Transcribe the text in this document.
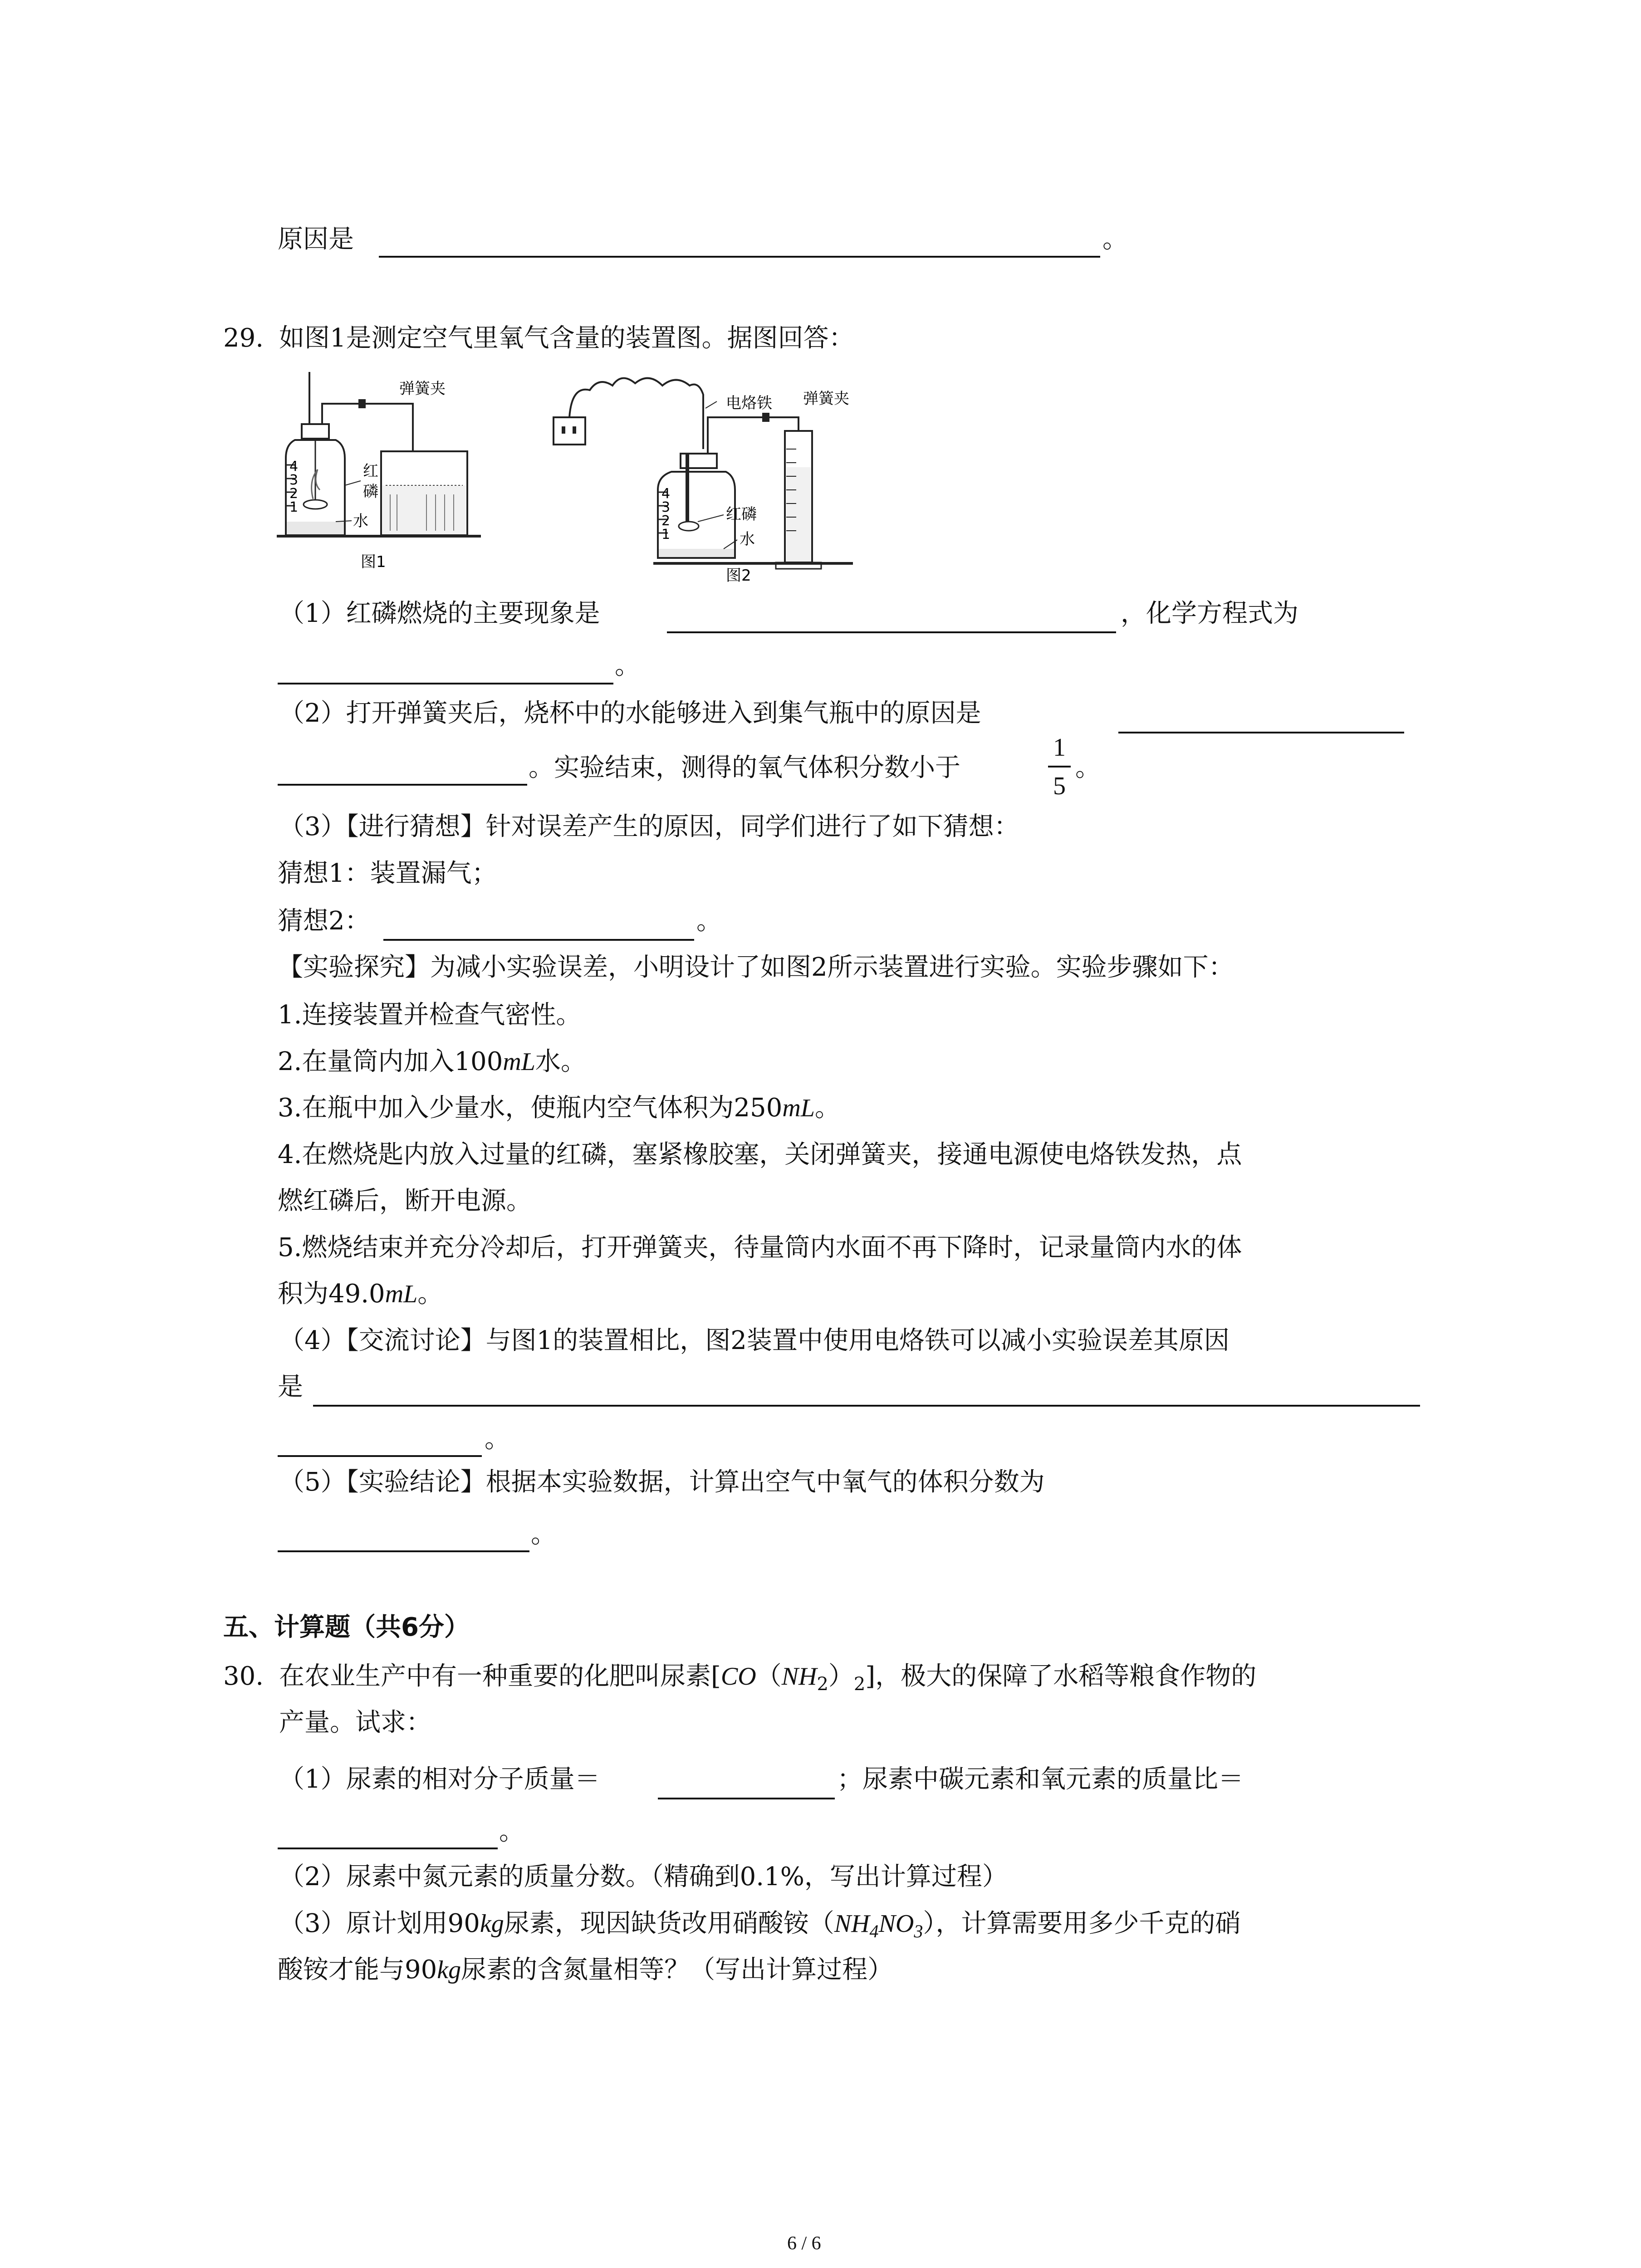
原因是	。
29. 如图1是测定空气里氧气含量的装置图。据图回答：
4
3
2
1
弹簧夹
红
磷
水
图1
4
3
2
1
电烙铁 弹簧夹
红磷
水
图2
（1）红磷燃烧的主要现象是	，化学方程式为
。
（2）打开弹簧夹后，烧杯中的水能够进入到集气瓶中的原因是
。实验结束，测得的氧气体积分数小于
1
5
。
（3）【进行猜想】针对误差产生的原因，同学们进行了如下猜想：
猜想1：装置漏气；
猜想2：	。
【实验探究】为减小实验误差，小明设计了如图2所示装置进行实验。实验步骤如下：
1.连接装置并检查气密性。
2.在量筒内加入100mL水。
3.在瓶中加入少量水，使瓶内空气体积为250mL。
4.在燃烧匙内放入过量的红磷，塞紧橡胶塞，关闭弹簧夹，接通电源使电烙铁发热，点
燃红磷后，断开电源。
5.燃烧结束并充分冷却后，打开弹簧夹，待量筒内水面不再下降时，记录量筒内水的体
积为49.0mL。
（4）【交流讨论】与图1的装置相比，图2装置中使用电烙铁可以减小实验误差其原因
是
。
（5）【实验结论】根据本实验数据，计算出空气中氧气的体积分数为
。
五、计算题（共6分）
30. 在农业生产中有一种重要的化肥叫尿素$[CO(NH_2)_2]$，极大的保障了水稻等粮食作物的
产量。试求：
（1）尿素的相对分子质量＝	；尿素中碳元素和氧元素的质量比＝
。
（2）尿素中氮元素的质量分数。（精确到0.1%，写出计算过程）
（3）原计划用90kg尿素，现因缺货改用硝酸铵$(NH_4NO_3)$，计算需要用多少千克的硝
酸铵才能与90kg尿素的含氮量相等？（写出计算过程）
6 / 6
